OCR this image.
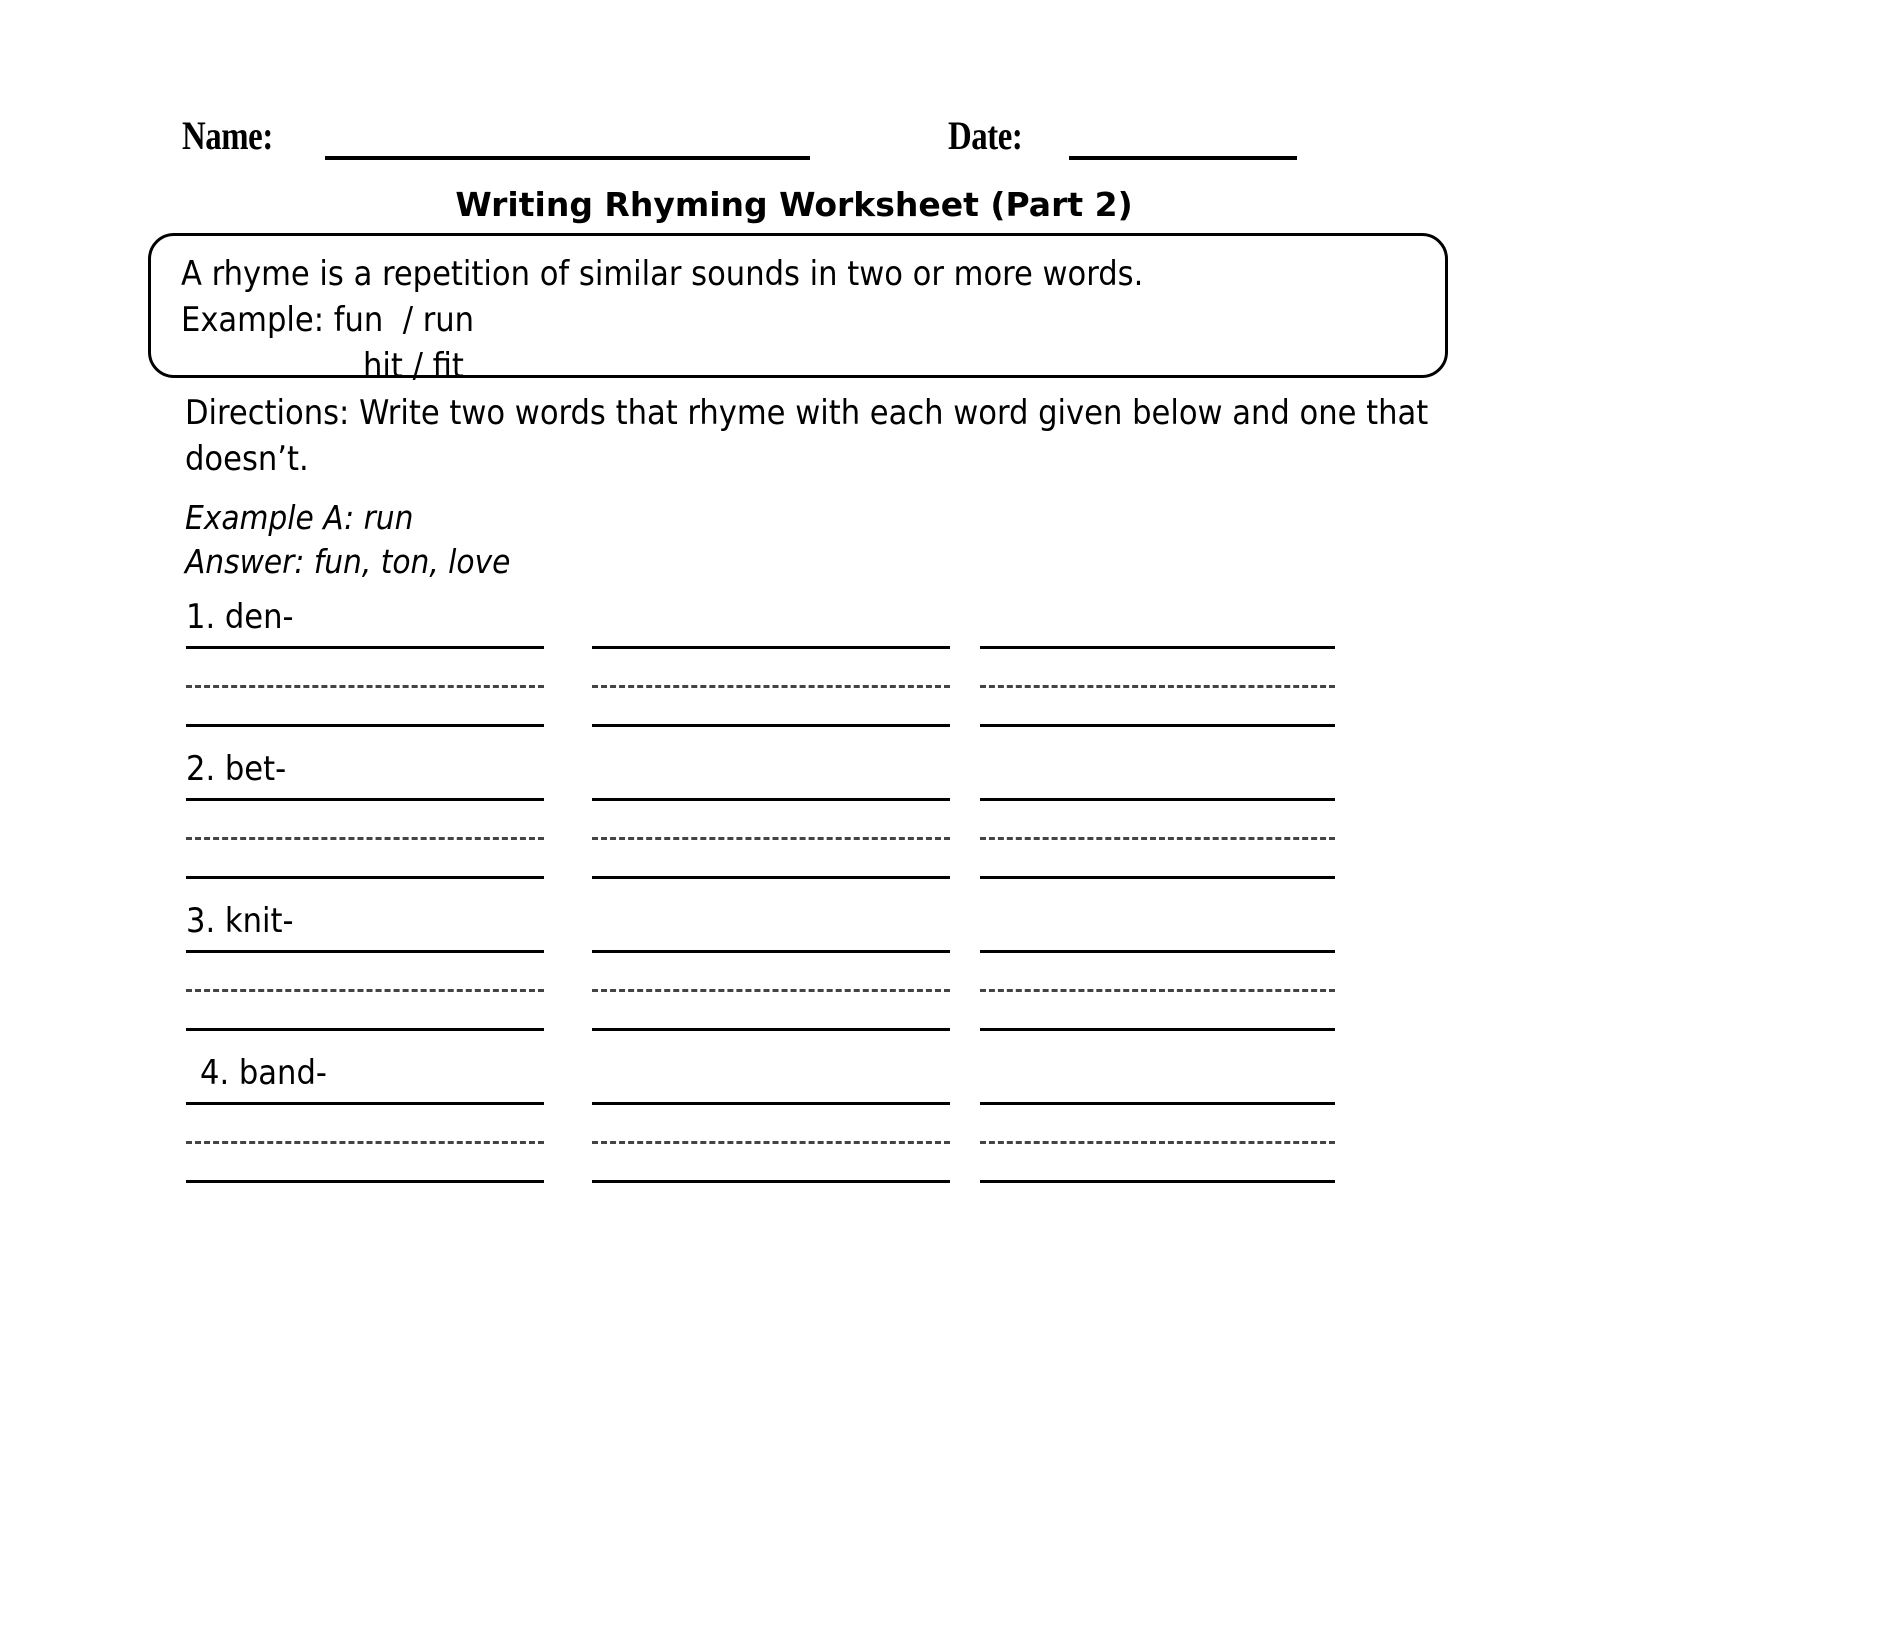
Name:	Date:
Writing Rhyming Worksheet (Part 2)
A rhyme is a repetition of similar sounds in two or more words.
Example: fun  / run
hit / fit
Directions: Write two words that rhyme with each word given below and one that doesn’t.
Example A: run
Answer: fun, ton, love
1. den-
2. bet-
3. knit-
4. band-
